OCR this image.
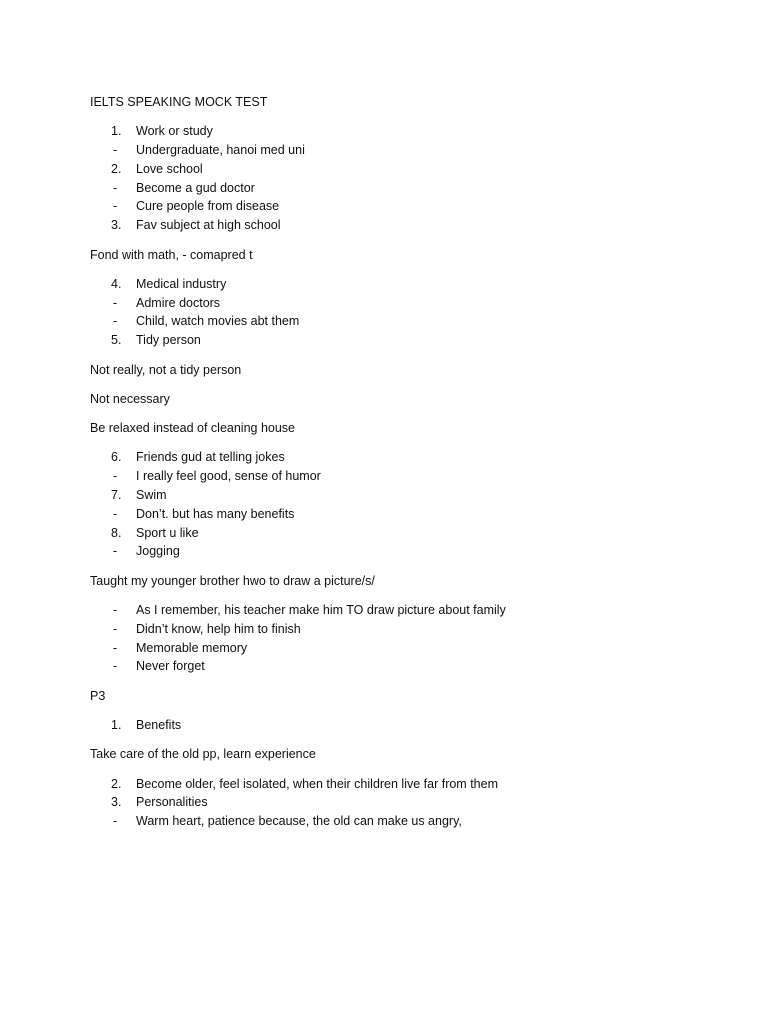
IELTS SPEAKING MOCK TEST

1.	Work or study
-	Undergraduate, hanoi med uni
2.	Love school
-	Become a gud doctor
-	Cure people from disease
3.	Fav subject at high school

Fond with math, - comapred t

4.	Medical industry
-	Admire doctors
-	Child, watch movies abt them
5.	Tidy person

Not really, not a tidy person

Not necessary

Be relaxed instead of cleaning house

6.	Friends gud at telling jokes
-	I really feel good, sense of humor
7.	Swim
-	Don’t. but has many benefits
8.	Sport u like
-	Jogging

Taught my younger brother hwo to draw a picture/s/

-	As I remember, his teacher make him TO draw picture about family
-	Didn’t know, help him to finish
-	Memorable memory
-	Never forget

P3

1.	Benefits

Take care of the old pp, learn experience

2.	Become older, feel isolated, when their children live far from them
3.	Personalities
-	Warm heart, patience because, the old can make us angry,
